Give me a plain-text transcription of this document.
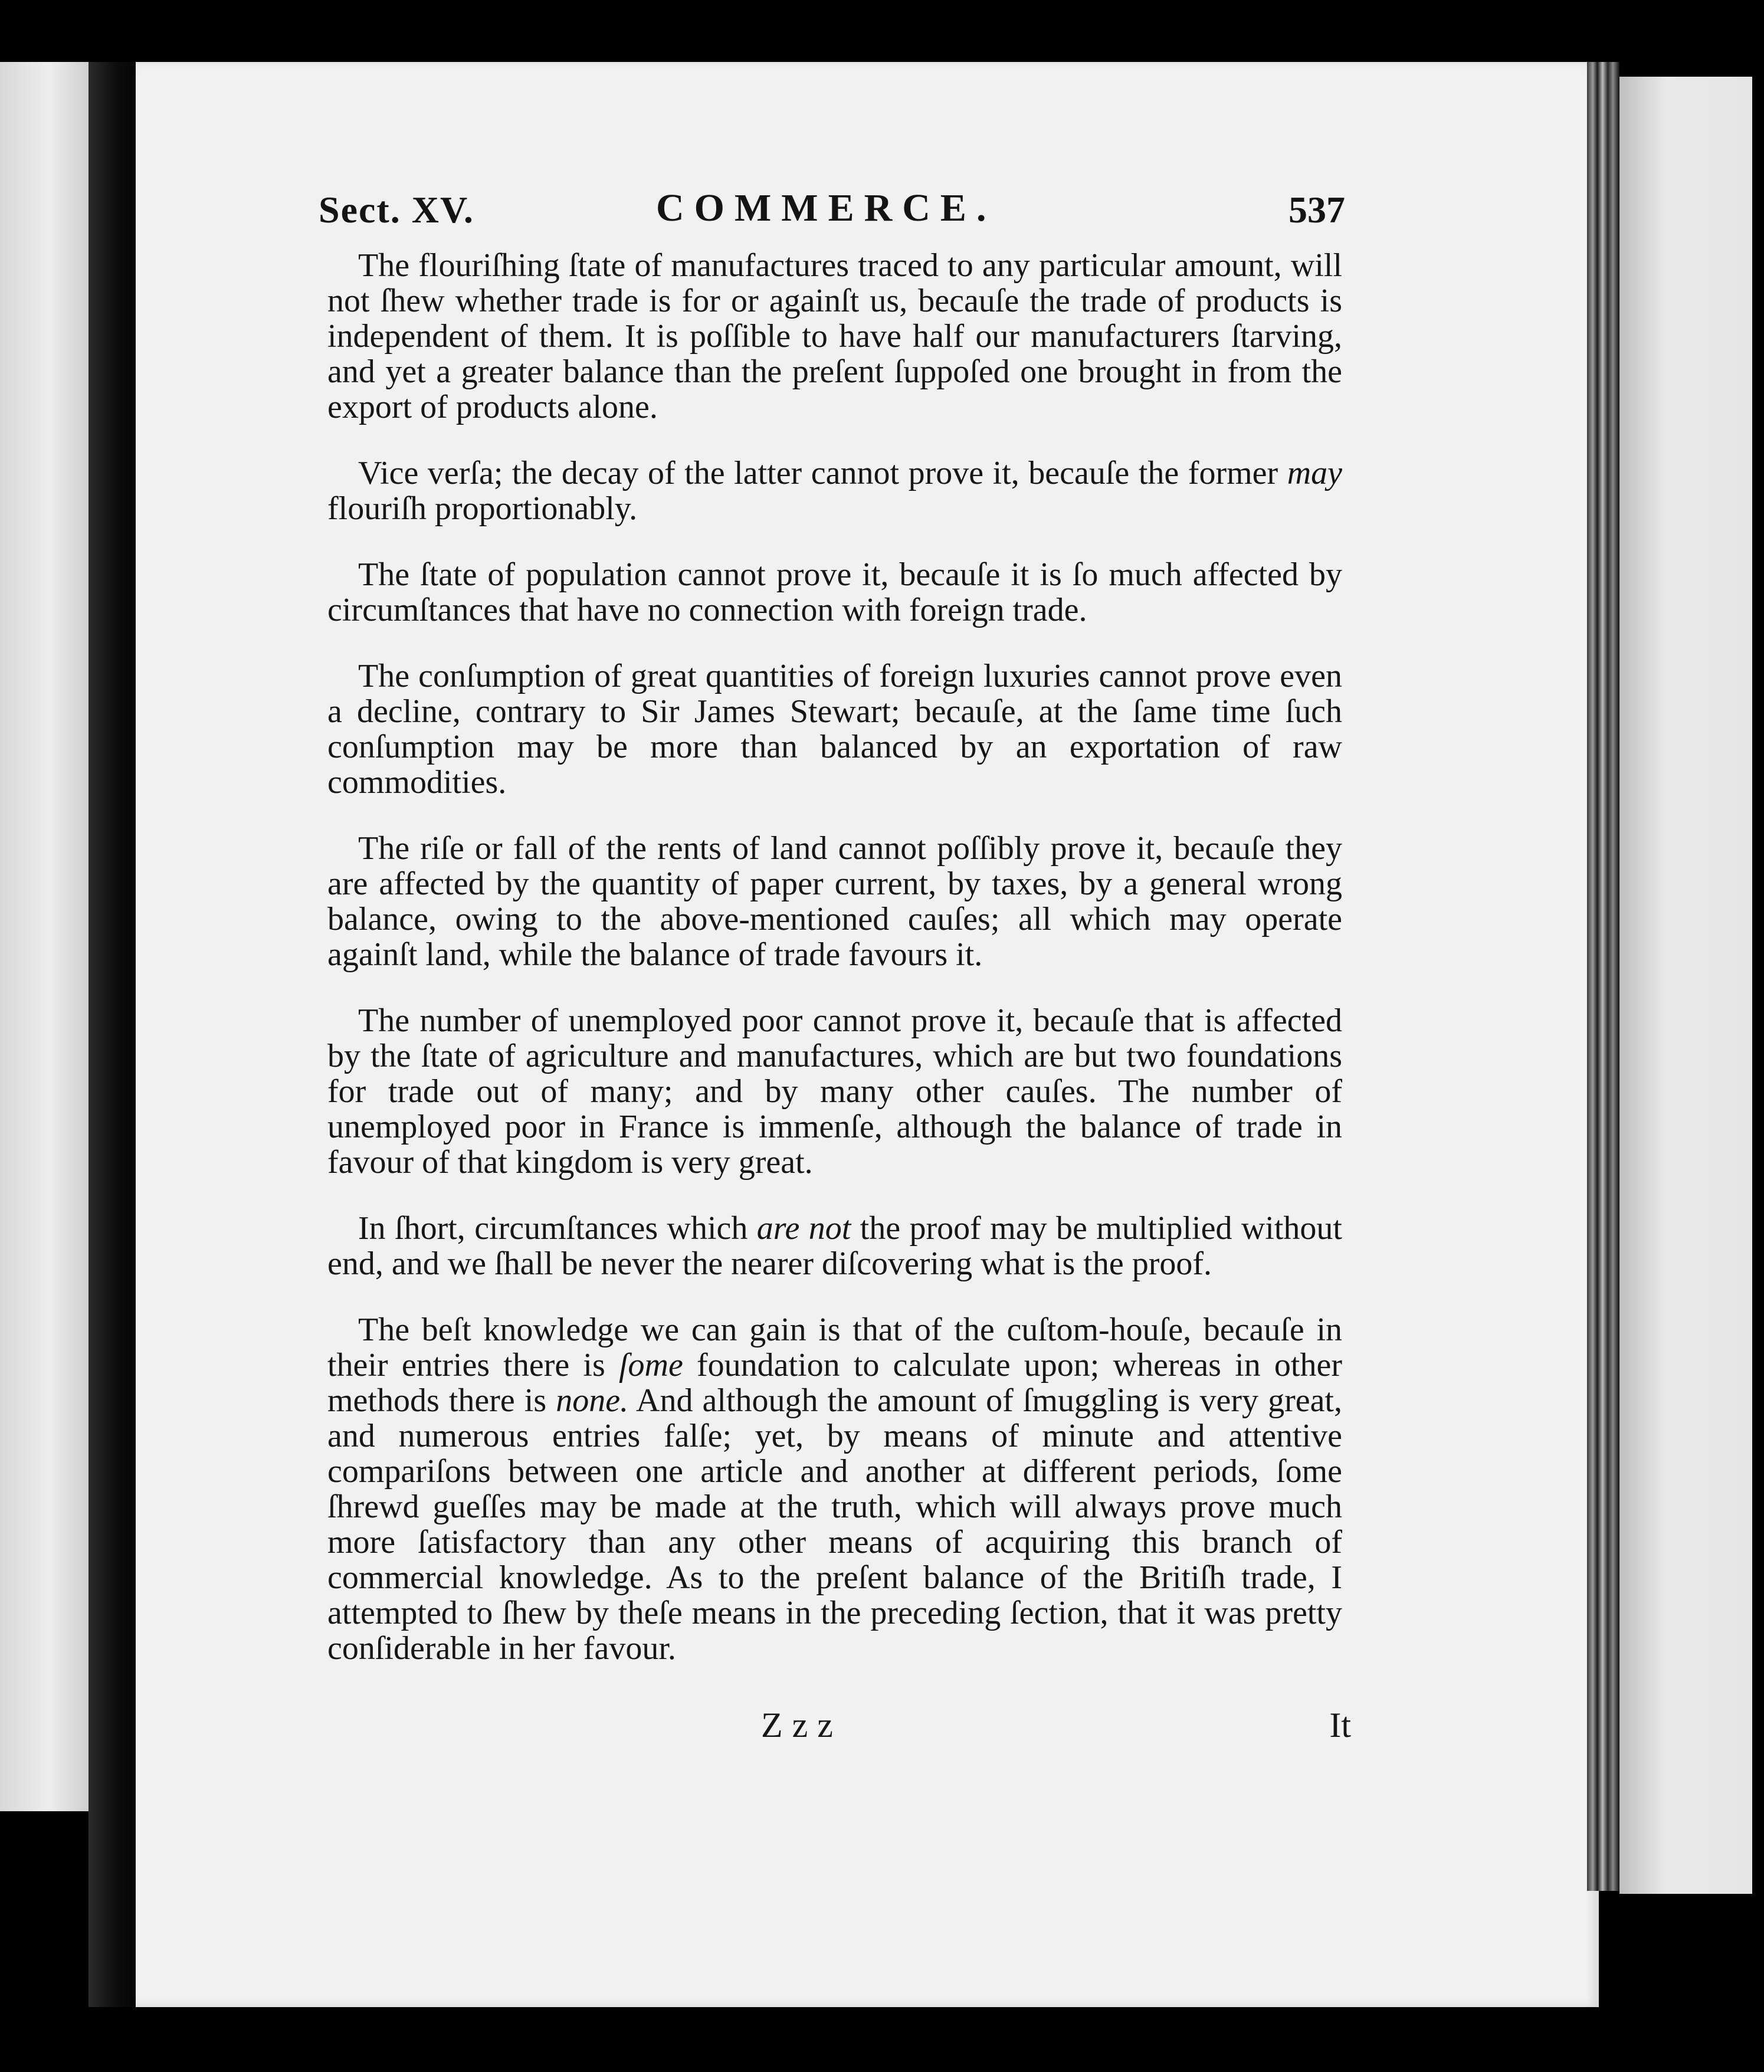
Sect. XV.	COMMERCE.	537

The flouriſhing ſtate of manufactures traced to any particular amount, will not ſhew whether trade is for or againſt us, becauſe the trade of products is independent of them. It is poſſible to have half our manufacturers ſtarving, and yet a greater balance than the preſent ſuppoſed one brought in from the export of products alone.

Vice verſa; the decay of the latter cannot prove it, becauſe the former may flouriſh proportionably.

The ſtate of population cannot prove it, becauſe it is ſo much affected by circumſtances that have no connection with foreign trade.

The conſumption of great quantities of foreign luxuries cannot prove even a decline, contrary to Sir James Stewart; becauſe, at the ſame time ſuch conſumption may be more than balanced by an exportation of raw commodities.

The riſe or fall of the rents of land cannot poſſibly prove it, becauſe they are affected by the quantity of paper current, by taxes, by a general wrong balance, owing to the above-mentioned cauſes; all which may operate againſt land, while the balance of trade favours it.

The number of unemployed poor cannot prove it, becauſe that is affected by the ſtate of agriculture and manufactures, which are but two foundations for trade out of many; and by many other cauſes. The number of unemployed poor in France is immenſe, although the balance of trade in favour of that kingdom is very great.

In ſhort, circumſtances which are not the proof may be multiplied without end, and we ſhall be never the nearer diſcovering what is the proof.

The beſt knowledge we can gain is that of the cuſtom-houſe, becauſe in their entries there is ſome foundation to calculate upon; whereas in other methods there is none. And although the amount of ſmuggling is very great, and numerous entries falſe; yet, by means of minute and attentive compariſons between one article and another at different periods, ſome ſhrewd gueſſes may be made at the truth, which will always prove much more ſatisfactory than any other means of acquiring this branch of commercial knowledge. As to the preſent balance of the Britiſh trade, I attempted to ſhew by theſe means in the preceding ſection, that it was pretty conſiderable in her favour.

Zzz	It
